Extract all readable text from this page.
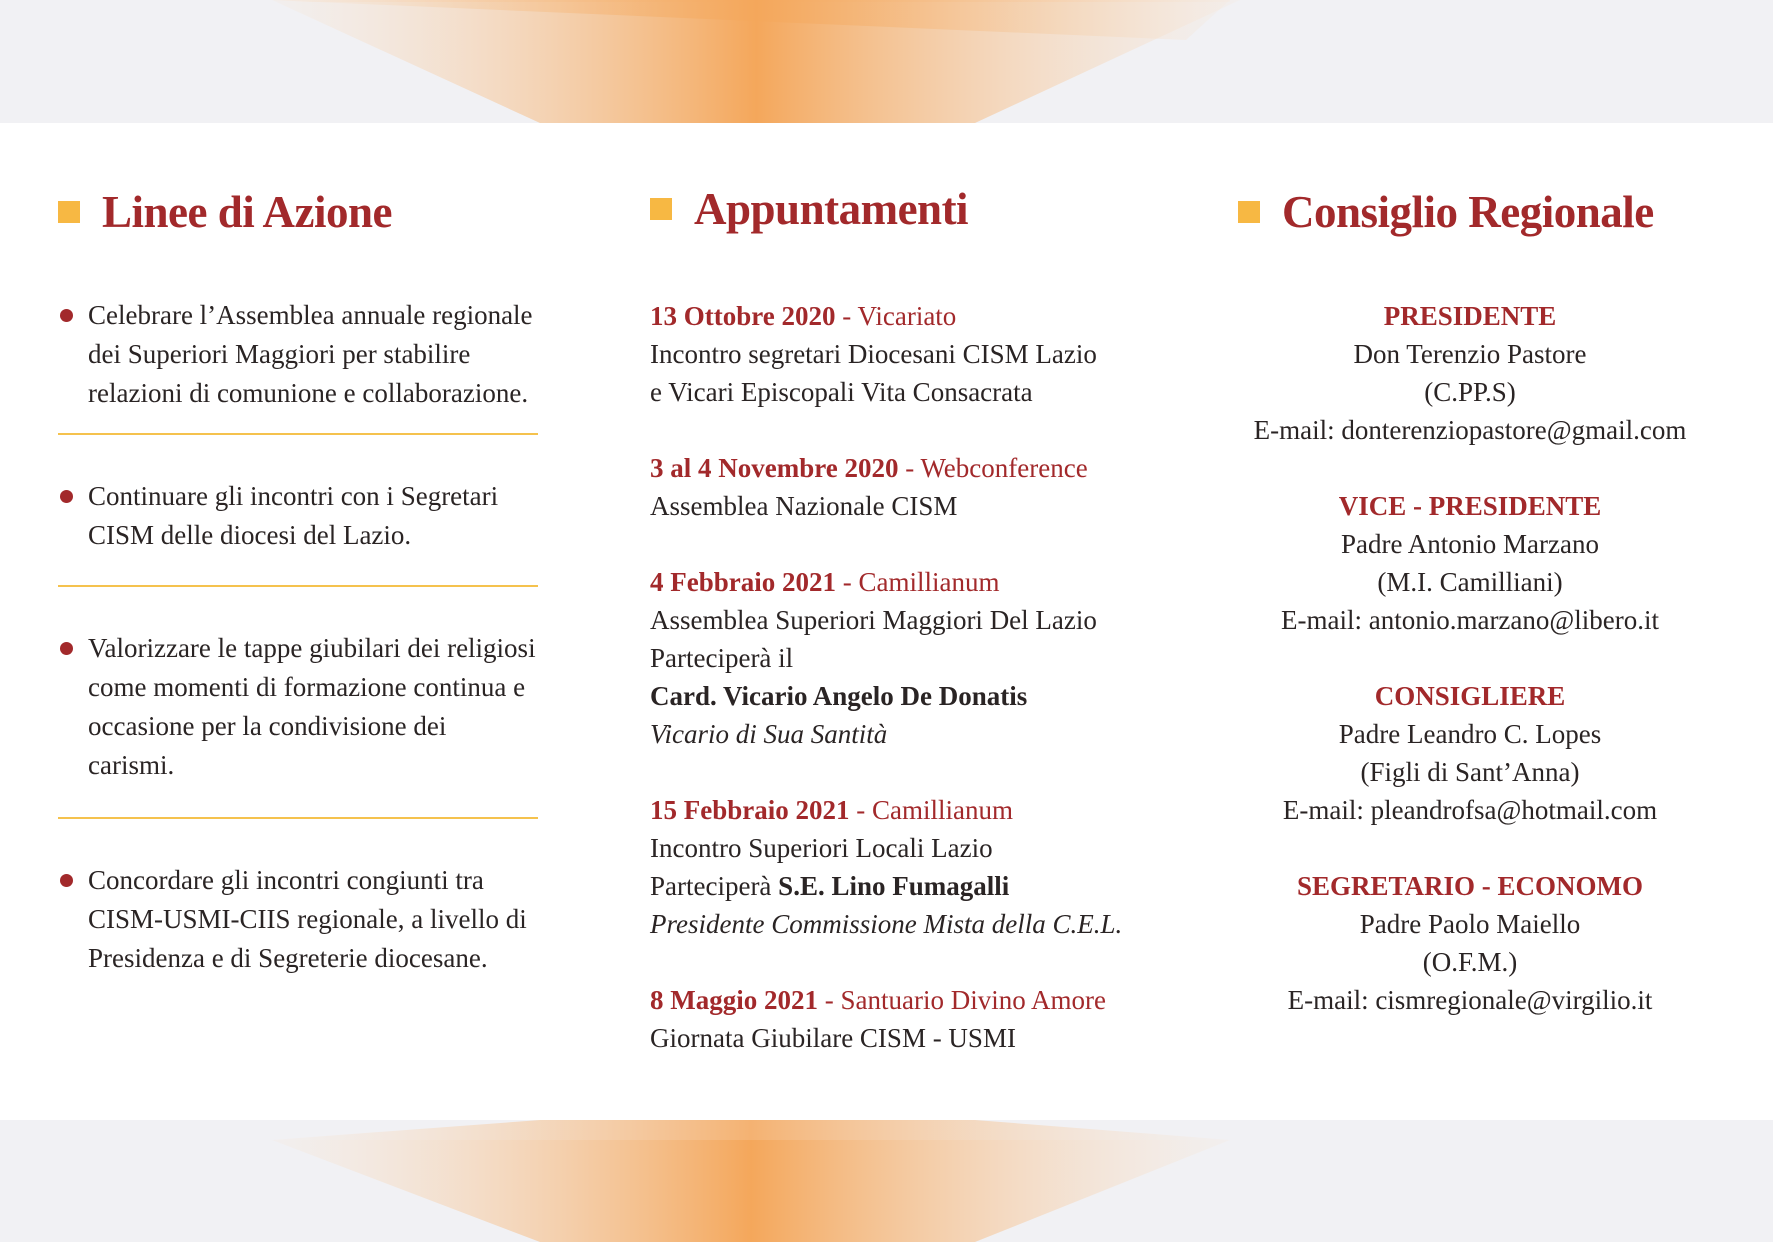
Linee di Azione
Celebrare l’Assemblea annuale regionale dei Superiori Maggiori per stabilire relazioni di comunione e collaborazione.
Continuare gli incontri con i Segretari CISM delle diocesi del Lazio.
Valorizzare le tappe giubilari dei religiosi come momenti di formazione continua e occasione per la condivisione dei carismi.
Concordare gli incontri congiunti tra CISM-USMI-CIIS regionale, a livello di Presidenza e di Segreterie diocesane.
Appuntamenti
13 Ottobre 2020 - Vicariato
Incontro segretari Diocesani CISM Lazio
e Vicari Episcopali Vita Consacrata
3 al 4 Novembre 2020 - Webconference
Assemblea Nazionale CISM
4 Febbraio 2021 - Camillianum
Assemblea Superiori Maggiori Del Lazio
Parteciperà il
Card. Vicario Angelo De Donatis
Vicario di Sua Santità
15 Febbraio 2021 - Camillianum
Incontro Superiori Locali Lazio
Parteciperà S.E. Lino Fumagalli
Presidente Commissione Mista della C.E.L.
8 Maggio 2021 - Santuario Divino Amore
Giornata Giubilare CISM - USMI
Consiglio Regionale
PRESIDENTE
Don Terenzio Pastore
(C.PP.S)
E-mail: donterenziopastore@gmail.com
VICE - PRESIDENTE
Padre Antonio Marzano
(M.I. Camilliani)
E-mail: antonio.marzano@libero.it
CONSIGLIERE
Padre Leandro C. Lopes
(Figli di Sant’Anna)
E-mail: pleandrofsa@hotmail.com
SEGRETARIO - ECONOMO
Padre Paolo Maiello
(O.F.M.)
E-mail: cismregionale@virgilio.it
